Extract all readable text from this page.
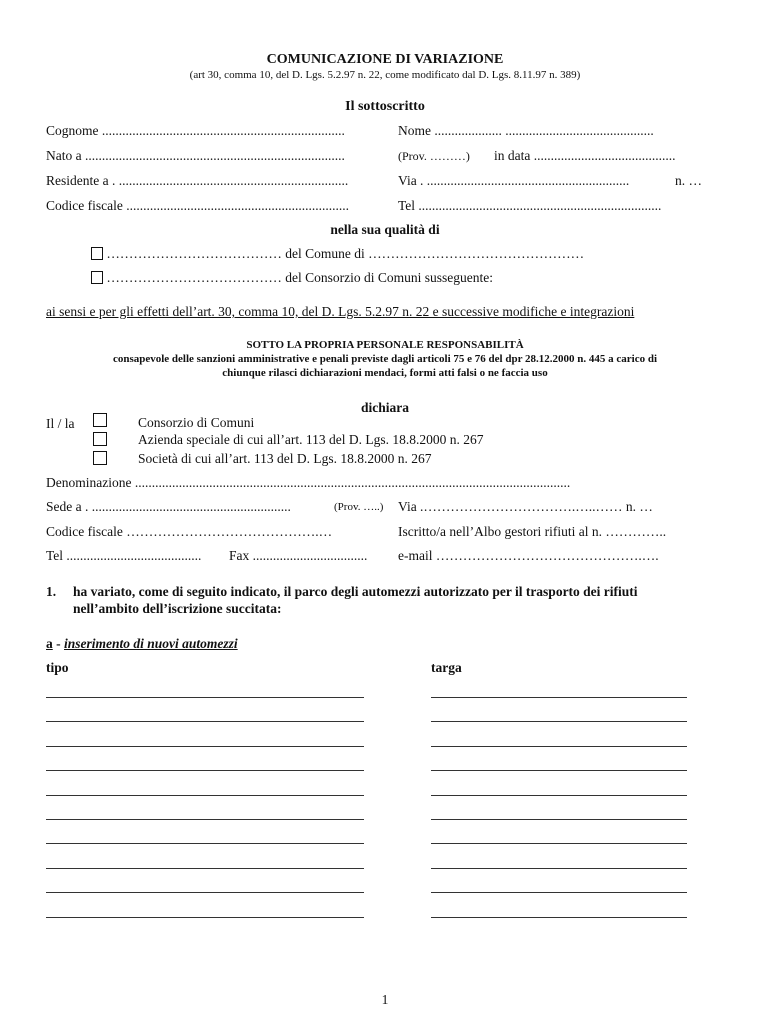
COMUNICAZIONE DI VARIAZIONE
(art 30, comma 10, del D. Lgs. 5.2.97 n. 22, come modificato dal D. Lgs. 8.11.97 n. 389)
Il sottoscritto
Cognome ........................................................................	Nome .................... ............................................
Nato a .............................................................................	(Prov. ………) in data ..........................................
Residente a . ....................................................................	Via . ............................................................	n. …
Codice fiscale ..................................................................	Tel ........................................................................
nella sua qualità di
………………………………… del Comune di …………………………………………
………………………………… del Consorzio di Comuni susseguente:
ai sensi e per gli effetti dell’art. 30, comma 10, del D. Lgs. 5.2.97 n. 22 e successive modifiche e integrazioni
SOTTO LA PROPRIA PERSONALE RESPONSABILITÀ
consapevole delle sanzioni amministrative e penali previste dagli articoli 75 e 76 del dpr 28.12.2000 n. 445 a carico di
chiunque rilasci dichiarazioni mendaci, formi atti falsi o ne faccia uso
dichiara
Il / la	Consorzio di Comuni
Azienda speciale di cui all’art. 113 del D. Lgs. 18.8.2000 n. 267
Società di cui all’art. 113 del D. Lgs. 18.8.2000 n. 267
Denominazione .................................................................................................................................
Sede a . ...........................................................	(Prov. …..) Via .…………………………….…..…… n. …
Codice fiscale …………………………………….…	Iscritto/a nell’Albo gestori rifiuti al n. …………..
Tel ........................................ Fax .................................. e-mail ……………………………………….….
1. ha variato, come di seguito indicato, il parco degli automezzi autorizzato per il trasporto dei rifiuti
nell’ambito dell’iscrizione succitata:
a - inserimento di nuovi automezzi
tipo	targa
1
